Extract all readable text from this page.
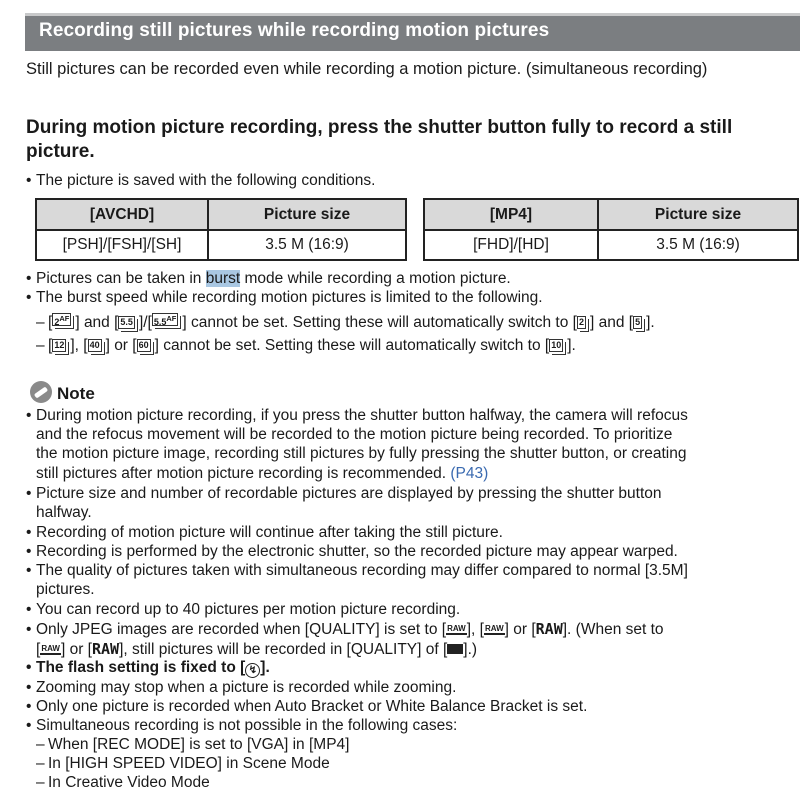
Recording still pictures while recording motion pictures
Still pictures can be recorded even while recording a motion picture. (simultaneous recording)
During motion picture recording, press the shutter button fully to record a still picture.
• The picture is saved with the following conditions.
[AVCHD]	Picture size
[PSH]/[FSH]/[SH]	3.5 M (16:9)
[MP4]	Picture size
[FHD]/[HD]	3.5 M (16:9)
• Pictures can be taken in burst mode while recording a motion picture.
• The burst speed while recording motion pictures is limited to the following.
– [ $2^{AF}$ ] and [ 5.5 ]/[ $5.5^{AF}$ ] cannot be set. Setting these will automatically switch to [ 2 ] and [ 5 ].
– [ 12 ], [ 40 ] or [ 60 ] cannot be set. Setting these will automatically switch to [ 10 ].
Note
• During motion picture recording, if you press the shutter button halfway, the camera will refocus
and the refocus movement will be recorded to the motion picture being recorded. To prioritize
the motion picture image, recording still pictures by fully pressing the shutter button, or creating
still pictures after motion picture recording is recommended. (P43)
• Picture size and number of recordable pictures are displayed by pressing the shutter button
halfway.
• Recording of motion picture will continue after taking the still picture.
• Recording is performed by the electronic shutter, so the recorded picture may appear warped.
• The quality of pictures taken with simultaneous recording may differ compared to normal [3.5M]
pictures.
• You can record up to 40 pictures per motion picture recording.
• Only JPEG images are recorded when [QUALITY] is set to [RAW], [RAW] or [RAW]. (When set to
[RAW] or [RAW], still pictures will be recorded in [QUALITY] of [ ].)
• The flash setting is fixed to [ ↯ ].
• Zooming may stop when a picture is recorded while zooming.
• Only one picture is recorded when Auto Bracket or White Balance Bracket is set.
• Simultaneous recording is not possible in the following cases:
– When [REC MODE] is set to [VGA] in [MP4]
– In [HIGH SPEED VIDEO] in Scene Mode
– In Creative Video Mode
